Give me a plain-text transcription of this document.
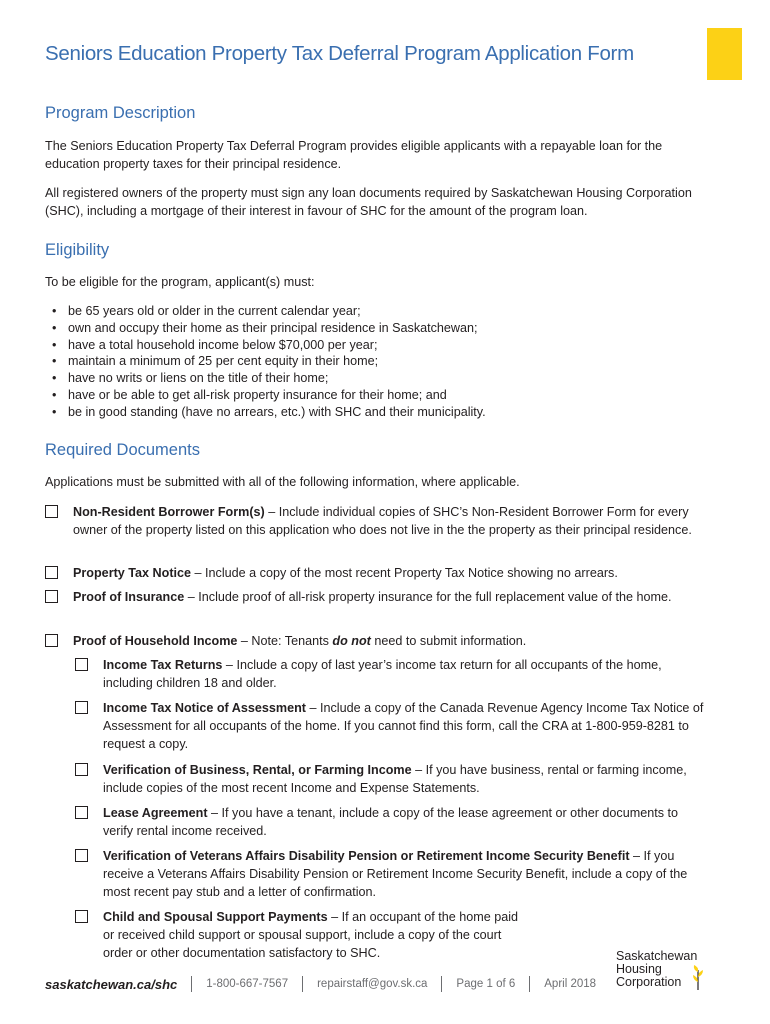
Seniors Education Property Tax Deferral Program Application Form
Program Description

The Seniors Education Property Tax Deferral Program provides eligible applicants with a repayable loan for the education property taxes for their principal residence.

All registered owners of the property must sign any loan documents required by Saskatchewan Housing Corporation (SHC), including a mortgage of their interest in favour of SHC for the amount of the program loan.

Eligibility

To be eligible for the program, applicant(s) must:

• be 65 years old or older in the current calendar year;
• own and occupy their home as their principal residence in Saskatchewan;
• have a total household income below $70,000 per year;
• maintain a minimum of 25 per cent equity in their home;
• have no writs or liens on the title of their home;
• have or be able to get all-risk property insurance for their home; and
• be in good standing (have no arrears, etc.) with SHC and their municipality.
Required Documents

Applications must be submitted with all of the following information, where applicable.

Non-Resident Borrower Form(s) – Include individual copies of SHC’s Non-Resident Borrower Form for every owner of the property listed on this application who does not live in the the property as their principal residence.
Property Tax Notice – Include a copy of the most recent Property Tax Notice showing no arrears.
Proof of Insurance – Include proof of all-risk property insurance for the full replacement value of the home.
Proof of Household Income – Note: Tenants do not need to submit information.
Income Tax Returns – Include a copy of last year’s income tax return for all occupants of the home, including children 18 and older.
Income Tax Notice of Assessment – Include a copy of the Canada Revenue Agency Income Tax Notice of Assessment for all occupants of the home. If you cannot find this form, call the CRA at 1-800-959-8281 to request a copy.
Verification of Business, Rental, or Farming Income – If you have business, rental or farming income, include copies of the most recent Income and Expense Statements.
Lease Agreement – If you have a tenant, include a copy of the lease agreement or other documents to verify rental income received.
Verification of Veterans Affairs Disability Pension or Retirement Income Security Benefit – If you receive a Veterans Affairs Disability Pension or Retirement Income Security Benefit, include a copy of the most recent pay stub and a letter of confirmation.
Child and Spousal Support Payments – If an occupant of the home paid or received child support or spousal support, include a copy of the court order or other documentation satisfactory to SHC.
saskatchewan.ca/shc	1-800-667-7567	repairstaff@gov.sk.ca	Page 1 of 6	April 2018
Saskatchewan
Housing
Corporation
